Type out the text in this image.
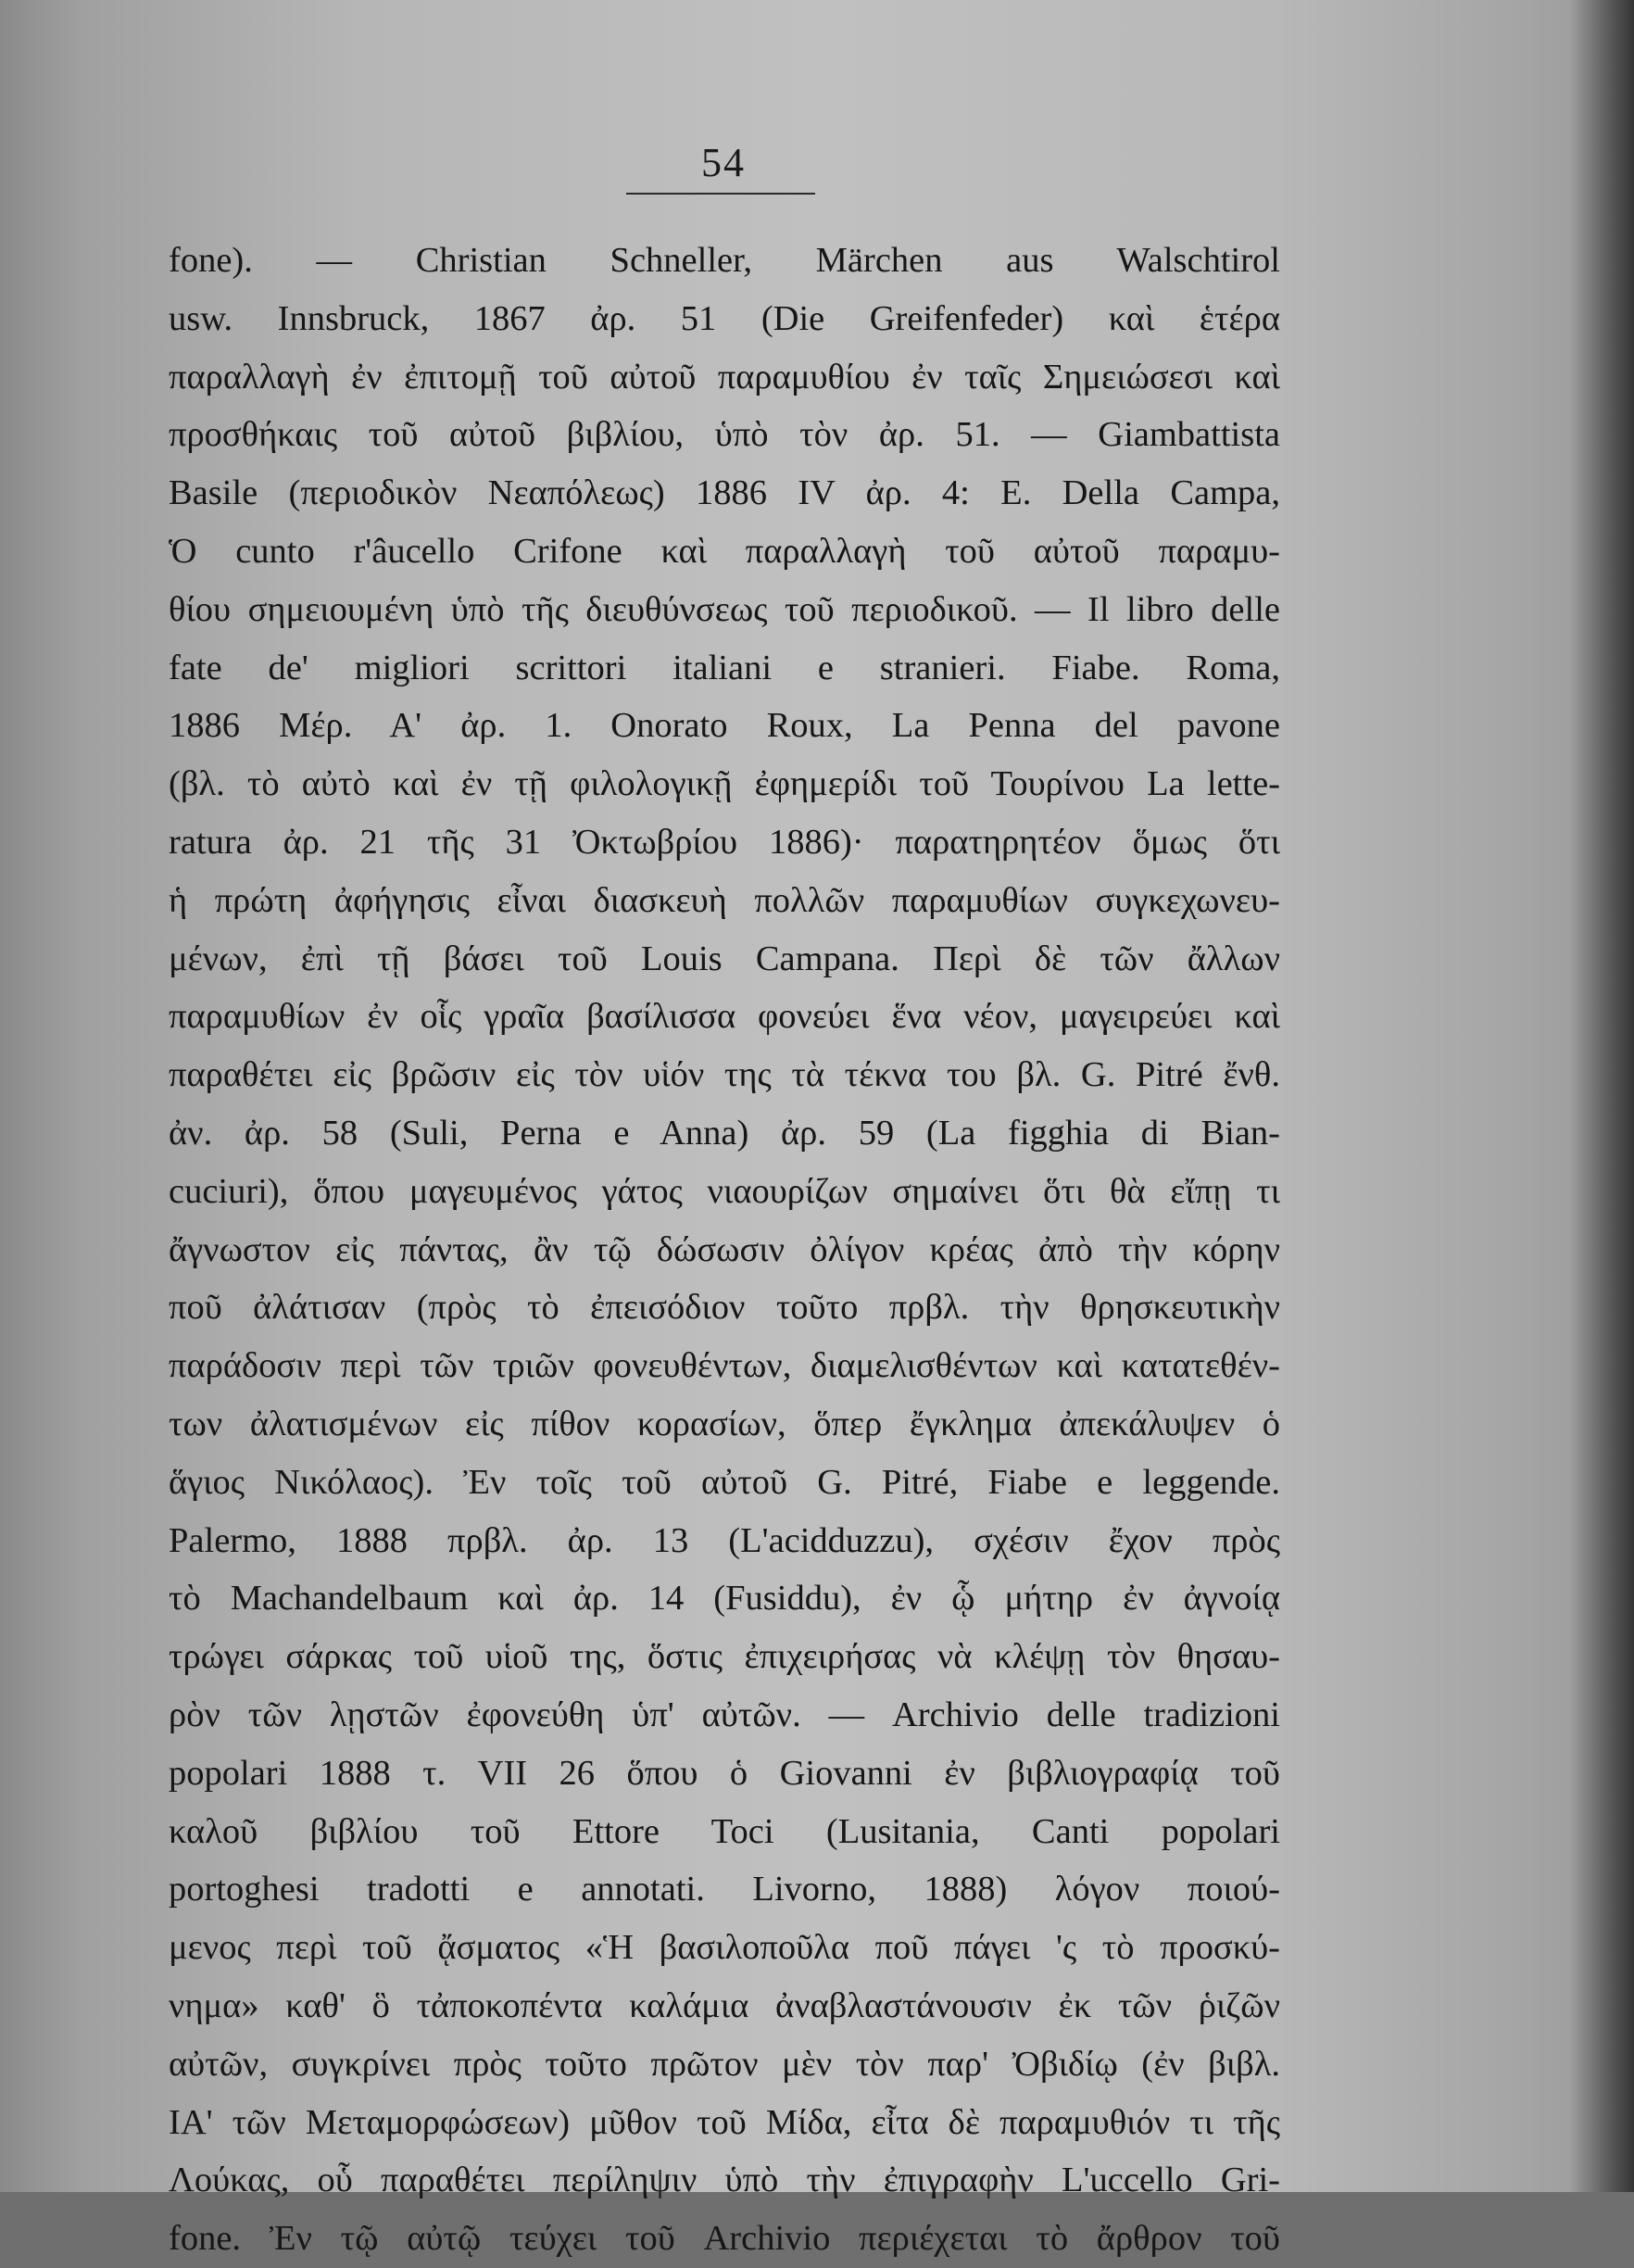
54
fone). — Christian Schneller, Märchen aus Walschtirol
usw. Innsbruck, 1867 ἀρ. 51 (Die Greifenfeder) καὶ ἑτέρα
παραλλαγὴ ἐν ἐπιτομῇ τοῦ αὐτοῦ παραμυθίου ἐν ταῖς Σημειώσεσι καὶ
προσθήκαις τοῦ αὐτοῦ βιβλίου, ὑπὸ τὸν ἀρ. 51. — Giambattista
Basile (περιοδικὸν Νεαπόλεως) 1886 IV ἀρ. 4: E. Della Campa,
Ὁ cunto r'âucello Crifone καὶ παραλλαγὴ τοῦ αὐτοῦ παραμυ-
θίου σημειουμένη ὑπὸ τῆς διευθύνσεως τοῦ περιοδικοῦ. — Il libro delle
fate de' migliori scrittori italiani e stranieri. Fiabe. Roma,
1886 Μέρ. Α' ἀρ. 1. Onorato Roux, La Penna del pavone
(βλ. τὸ αὐτὸ καὶ ἐν τῇ φιλολογικῇ ἐφημερίδι τοῦ Τουρίνου La lette-
ratura ἀρ. 21 τῆς 31 Ὀκτωβρίου 1886)· παρατηρητέον ὅμως ὅτι
ἡ πρώτη ἀφήγησις εἶναι διασκευὴ πολλῶν παραμυθίων συγκεχωνευ-
μένων, ἐπὶ τῇ βάσει τοῦ Louis Campana. Περὶ δὲ τῶν ἄλλων
παραμυθίων ἐν οἷς γραῖα βασίλισσα φονεύει ἕνα νέον, μαγειρεύει καὶ
παραθέτει εἰς βρῶσιν εἰς τὸν υἱόν της τὰ τέκνα του βλ. G. Pitré ἔνθ.
ἀν. ἀρ. 58 (Suli, Perna e Anna) ἀρ. 59 (La figghia di Bian-
cuciuri), ὅπου μαγευμένος γάτος νιαουρίζων σημαίνει ὅτι θὰ εἴπῃ τι
ἄγνωστον εἰς πάντας, ἂν τῷ δώσωσιν ὀλίγον κρέας ἀπὸ τὴν κόρην
ποῦ ἀλάτισαν (πρὸς τὸ ἐπεισόδιον τοῦτο πρβλ. τὴν θρησκευτικὴν
παράδοσιν περὶ τῶν τριῶν φονευθέντων, διαμελισθέντων καὶ κατατεθέν-
των ἀλατισμένων εἰς πίθον κορασίων, ὅπερ ἔγκλημα ἀπεκάλυψεν ὁ
ἅγιος Νικόλαος). Ἐν τοῖς τοῦ αὐτοῦ G. Pitré, Fiabe e leggende.
Palermo, 1888 πρβλ. ἀρ. 13 (L'acidduzzu), σχέσιν ἔχον πρὸς
τὸ Machandelbaum καὶ ἀρ. 14 (Fusiddu), ἐν ᾧ μήτηρ ἐν ἀγνοίᾳ
τρώγει σάρκας τοῦ υἱοῦ της, ὅστις ἐπιχειρήσας νὰ κλέψῃ τὸν θησαυ-
ρὸν τῶν λῃστῶν ἐφονεύθη ὑπ' αὐτῶν. — Archivio delle tradizioni
popolari 1888 τ. VII 26 ὅπου ὁ Giovanni ἐν βιβλιογραφίᾳ τοῦ
καλοῦ βιβλίου τοῦ Ettore Toci (Lusitania, Canti popolari
portoghesi tradotti e annotati. Livorno, 1888) λόγον ποιού-
μενος περὶ τοῦ ᾄσματος «Ἡ βασιλοποῦλα ποῦ πάγει 'ς τὸ προσκύ-
νημα» καθ' ὃ τἀποκοπέντα καλάμια ἀναβλαστάνουσιν ἐκ τῶν ῥιζῶν
αὐτῶν, συγκρίνει πρὸς τοῦτο πρῶτον μὲν τὸν παρ' Ὀβιδίῳ (ἐν βιβλ.
ΙΑ' τῶν Μεταμορφώσεων) μῦθον τοῦ Μίδα, εἶτα δὲ παραμυθιόν τι τῆς
Λούκας, οὗ παραθέτει περίληψιν ὑπὸ τὴν ἐπιγραφὴν L'uccello Gri-
fone. Ἐν τῷ αὐτῷ τεύχει τοῦ Archivio περιέχεται τὸ ἄρθρον τοῦ
